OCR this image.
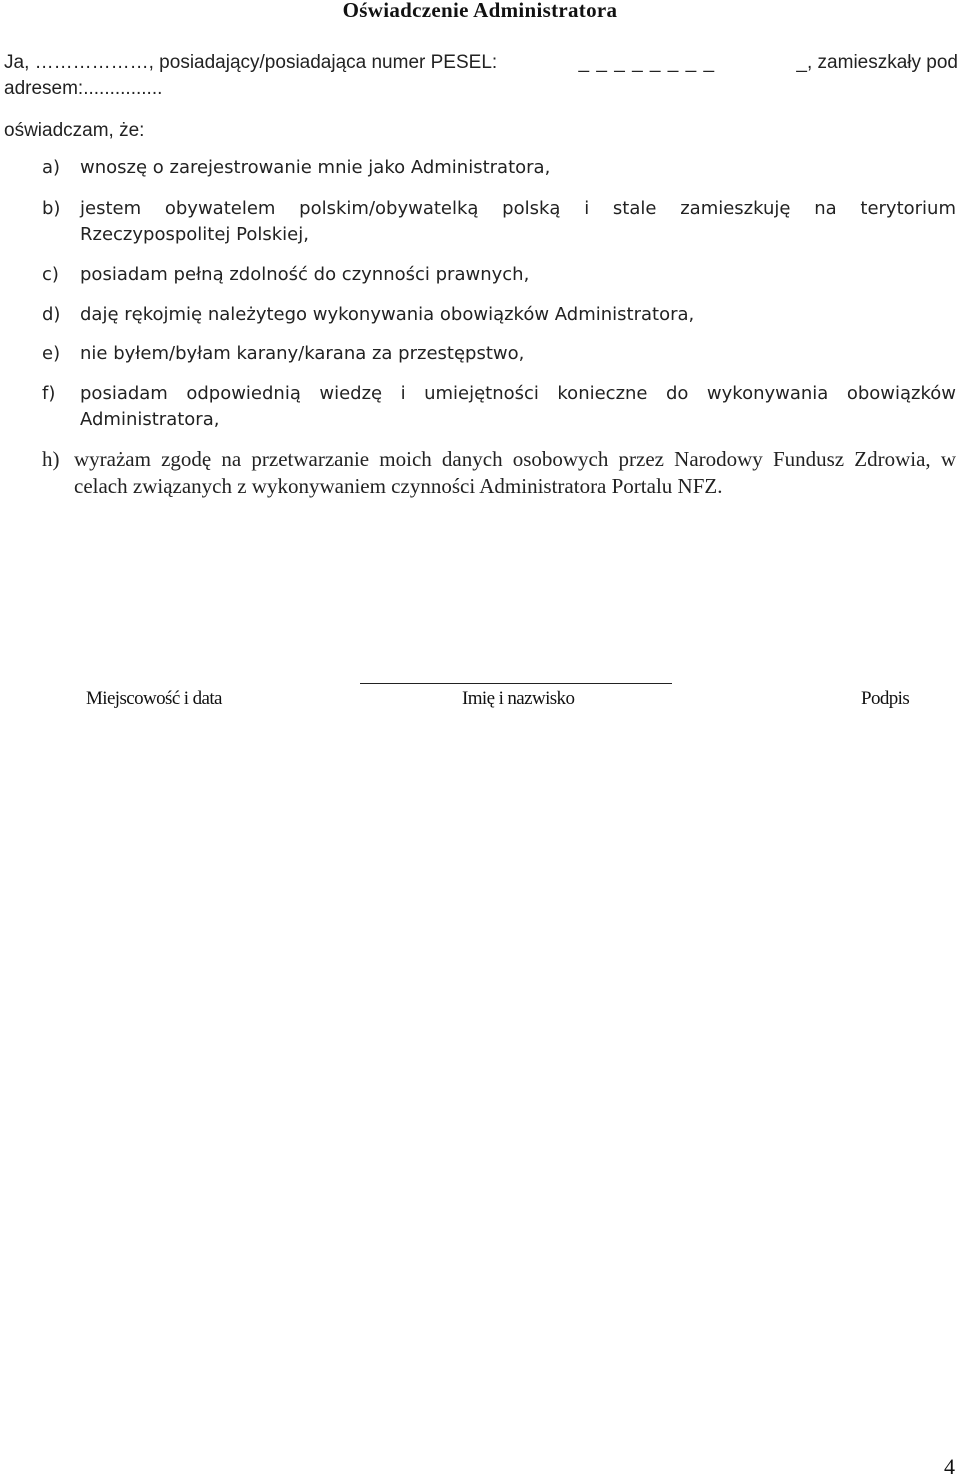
Oświadczenie Administratora
Ja, ………………, posiadający/posiadająca numer PESEL:	_ _ _ _ _ _ _ _	_, zamieszkały pod
adresem:...............
oświadczam, że:
a) wnoszę o zarejestrowanie mnie jako Administratora,
b) jestem obywatelem polskim/obywatelką polską i stale zamieszkuję na terytorium Rzeczypospolitej Polskiej,
c) posiadam pełną zdolność do czynności prawnych,
d) daję rękojmię należytego wykonywania obowiązków Administratora,
e) nie byłem/byłam karany/karana za przestępstwo,
f) posiadam odpowiednią wiedzę i umiejętności konieczne do wykonywania obowiązków Administratora,
h) wyrażam zgodę na przetwarzanie moich danych osobowych przez Narodowy Fundusz Zdrowia, w celach związanych z wykonywaniem czynności Administratora Portalu NFZ.
Miejscowość i data	Imię i nazwisko	Podpis
4
